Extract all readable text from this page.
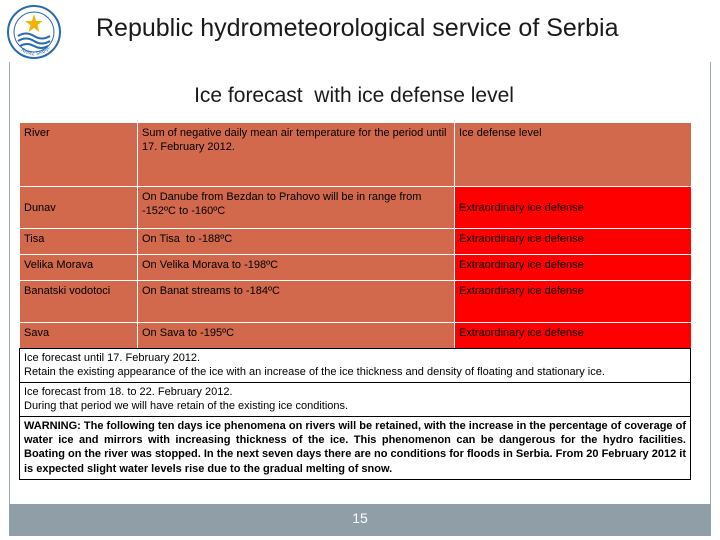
RHMZ SRBIJE
Republic hydrometeorological service of Serbia
Ice forecast  with ice defense level
River	Sum of negative daily mean air temperature for the period until 17. February 2012.	Ice defense level
Dunav	On Danube from Bezdan to Prahovo will be in range from    -152ºC to -160ºC	Extraordinary ice defense
Tisa	On Tisa  to -188ºC	Extraordinary ice defense
Velika Morava	On Velika Morava to -198ºC	Extraordinary ice defense
Banatski vodotoci	On Banat streams to -184ºC	Extraordinary ice defense
Sava	On Sava to -195ºC	Extraordinary ice defense

Ice forecast until 17. February 2012.

Retain the existing appearance of the ice with an increase of the ice thickness and density of floating and stationary ice.

Ice forecast from 18. to 22. February 2012.

During that period we will have retain of the existing ice conditions.

WARNING: The following ten days ice phenomena on rivers will be retained, with the increase in the percentage of coverage of water ice and mirrors with increasing thickness of the ice. This phenomenon can be dangerous for the hydro facilities. Boating on the river was stopped. In the next seven days there are no conditions for floods in Serbia. From 20 February 2012 it is expected slight water levels rise due to the gradual melting of snow.

15
